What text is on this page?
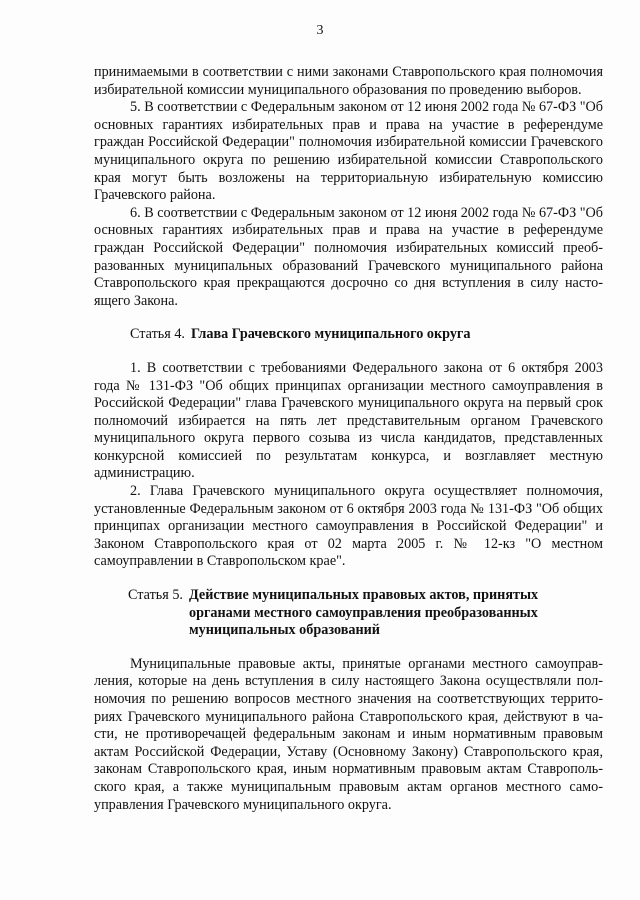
3

принимаемыми в соответствии с ними законами Ставропольского края полномочия избирательной комиссии муниципального образования по проведению выборов.

5. В соответствии с Федеральным законом от 12 июня 2002 года № 67-ФЗ "Об основных гарантиях избирательных прав и права на участие в референдуме граждан Российской Федерации" полномочия избирательной комиссии Грачевского муниципального округа по решению избирательной комиссии Ставропольского края могут быть возложены на территориальную избирательную комиссию Грачевского района.

6. В соответствии с Федеральным законом от 12 июня 2002 года № 67-ФЗ "Об основных гарантиях избирательных прав и права на участие в референдуме граждан Российской Федерации" полномочия избирательных комиссий преобразованных муниципальных образований Грачевского муниципального района Ставропольского края прекращаются досрочно со дня вступления в силу настоящего Закона.

Статья 4. Глава Грачевского муниципального округа

1. В соответствии с требованиями Федерального закона от 6 октября 2003 года № 131-ФЗ "Об общих принципах организации местного самоуправления в Российской Федерации" глава Грачевского муниципального округа на первый срок полномочий избирается на пять лет представительным органом Грачевского муниципального округа первого созыва из числа кандидатов, представленных конкурсной комиссией по результатам конкурса, и возглавляет местную администрацию.

2. Глава Грачевского муниципального округа осуществляет полномочия, установленные Федеральным законом от 6 октября 2003 года № 131-ФЗ "Об общих принципах организации местного самоуправления в Российской Федерации" и Законом Ставропольского края от 02 марта 2005 г. № 12-кз "О местном самоуправлении в Ставропольском крае".

Статья 5. Действие муниципальных правовых актов, принятых органами местного самоуправления преобразованных муниципальных образований

Муниципальные правовые акты, принятые органами местного самоуправления, которые на день вступления в силу настоящего Закона осуществляли полномочия по решению вопросов местного значения на соответствующих территориях Грачевского муниципального района Ставропольского края, действуют в части, не противоречащей федеральным законам и иным нормативным правовым актам Российской Федерации, Уставу (Основному Закону) Ставропольского края, законам Ставропольского края, иным нормативным правовым актам Ставропольского края, а также муниципальным правовым актам органов местного самоуправления Грачевского муниципального округа.
